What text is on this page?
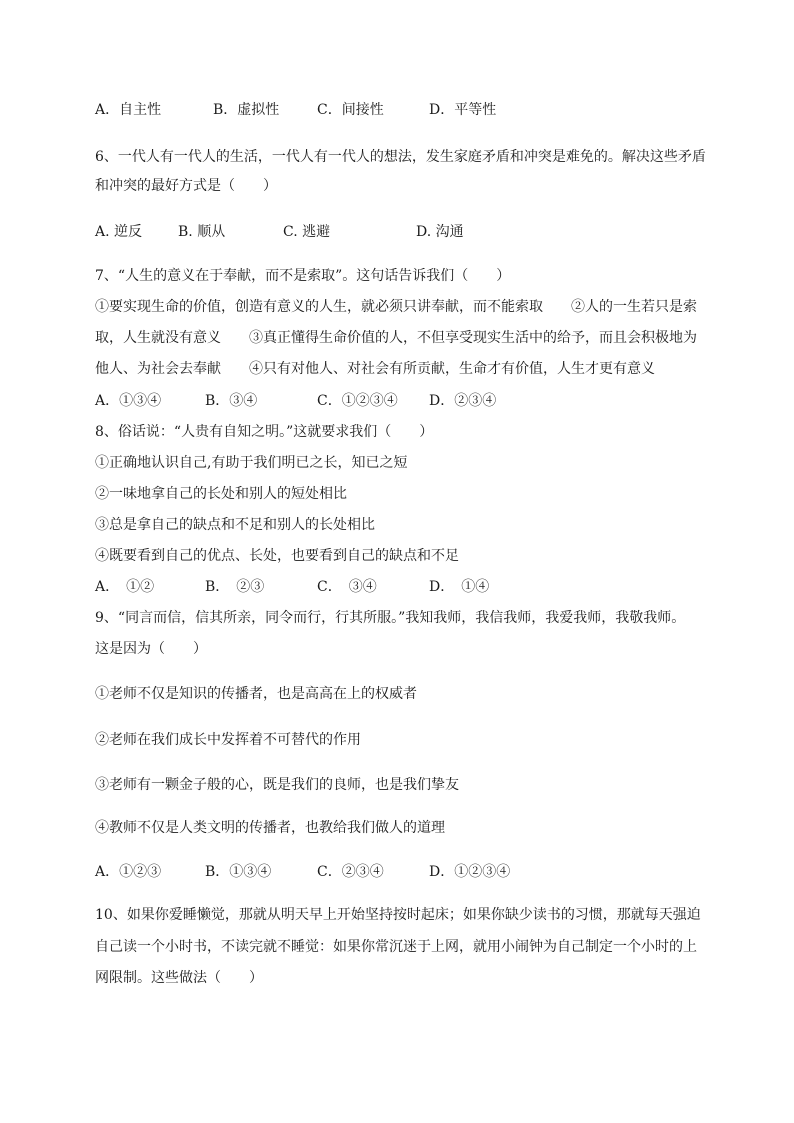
A．自主性	B．虚拟性	C．间接性	D．平等性
6、一代人有一代人的生活，一代人有一代人的想法，发生家庭矛盾和冲突是难免的。解决这些矛盾
和冲突的最好方式是（　　）
A. 逆反	B. 顺从	C. 逃避	D. 沟通
7、“人生的意义在于奉献，而不是索取”。这句话告诉我们（　　）
①要实现生命的价值，创造有意义的人生，就必须只讲奉献，而不能索取　　②人的一生若只是索
取，人生就没有意义　　③真正懂得生命价值的人，不但享受现实生活中的给予，而且会积极地为
他人、为社会去奉献　　④只有对他人、对社会有所贡献，生命才有价值，人生才更有意义
A．①③④	B．③④	C．①②③④ D．②③④
8、俗话说：“人贵有自知之明。”这就要求我们（　　）
①正确地认识自己,有助于我们明已之长，知已之短
②一味地拿自己的长处和别人的短处相比
③总是拿自己的缺点和不足和别人的长处相比
④既要看到自己的优点、长处，也要看到自己的缺点和不足
A．　①②	B．　②③	C．　③④	D．　①④
9、“同言而信，信其所亲，同令而行，行其所服。”我知我师，我信我师，我爱我师，我敬我师。
这是因为（　　）
①老师不仅是知识的传播者，也是高高在上的权威者
②老师在我们成长中发挥着不可替代的作用
③老师有一颗金子般的心，既是我们的良师，也是我们挚友
④教师不仅是人类文明的传播者，也教给我们做人的道理
A．①②③	B．①③④	C．②③④	D．①②③④
10、如果你爱睡懒觉，那就从明天早上开始坚持按时起床；如果你缺少读书的习惯，那就每天强迫
自己读一个小时书，不读完就不睡觉：如果你常沉迷于上网，就用小闹钟为自己制定一个小时的上
网限制。这些做法（　　）
